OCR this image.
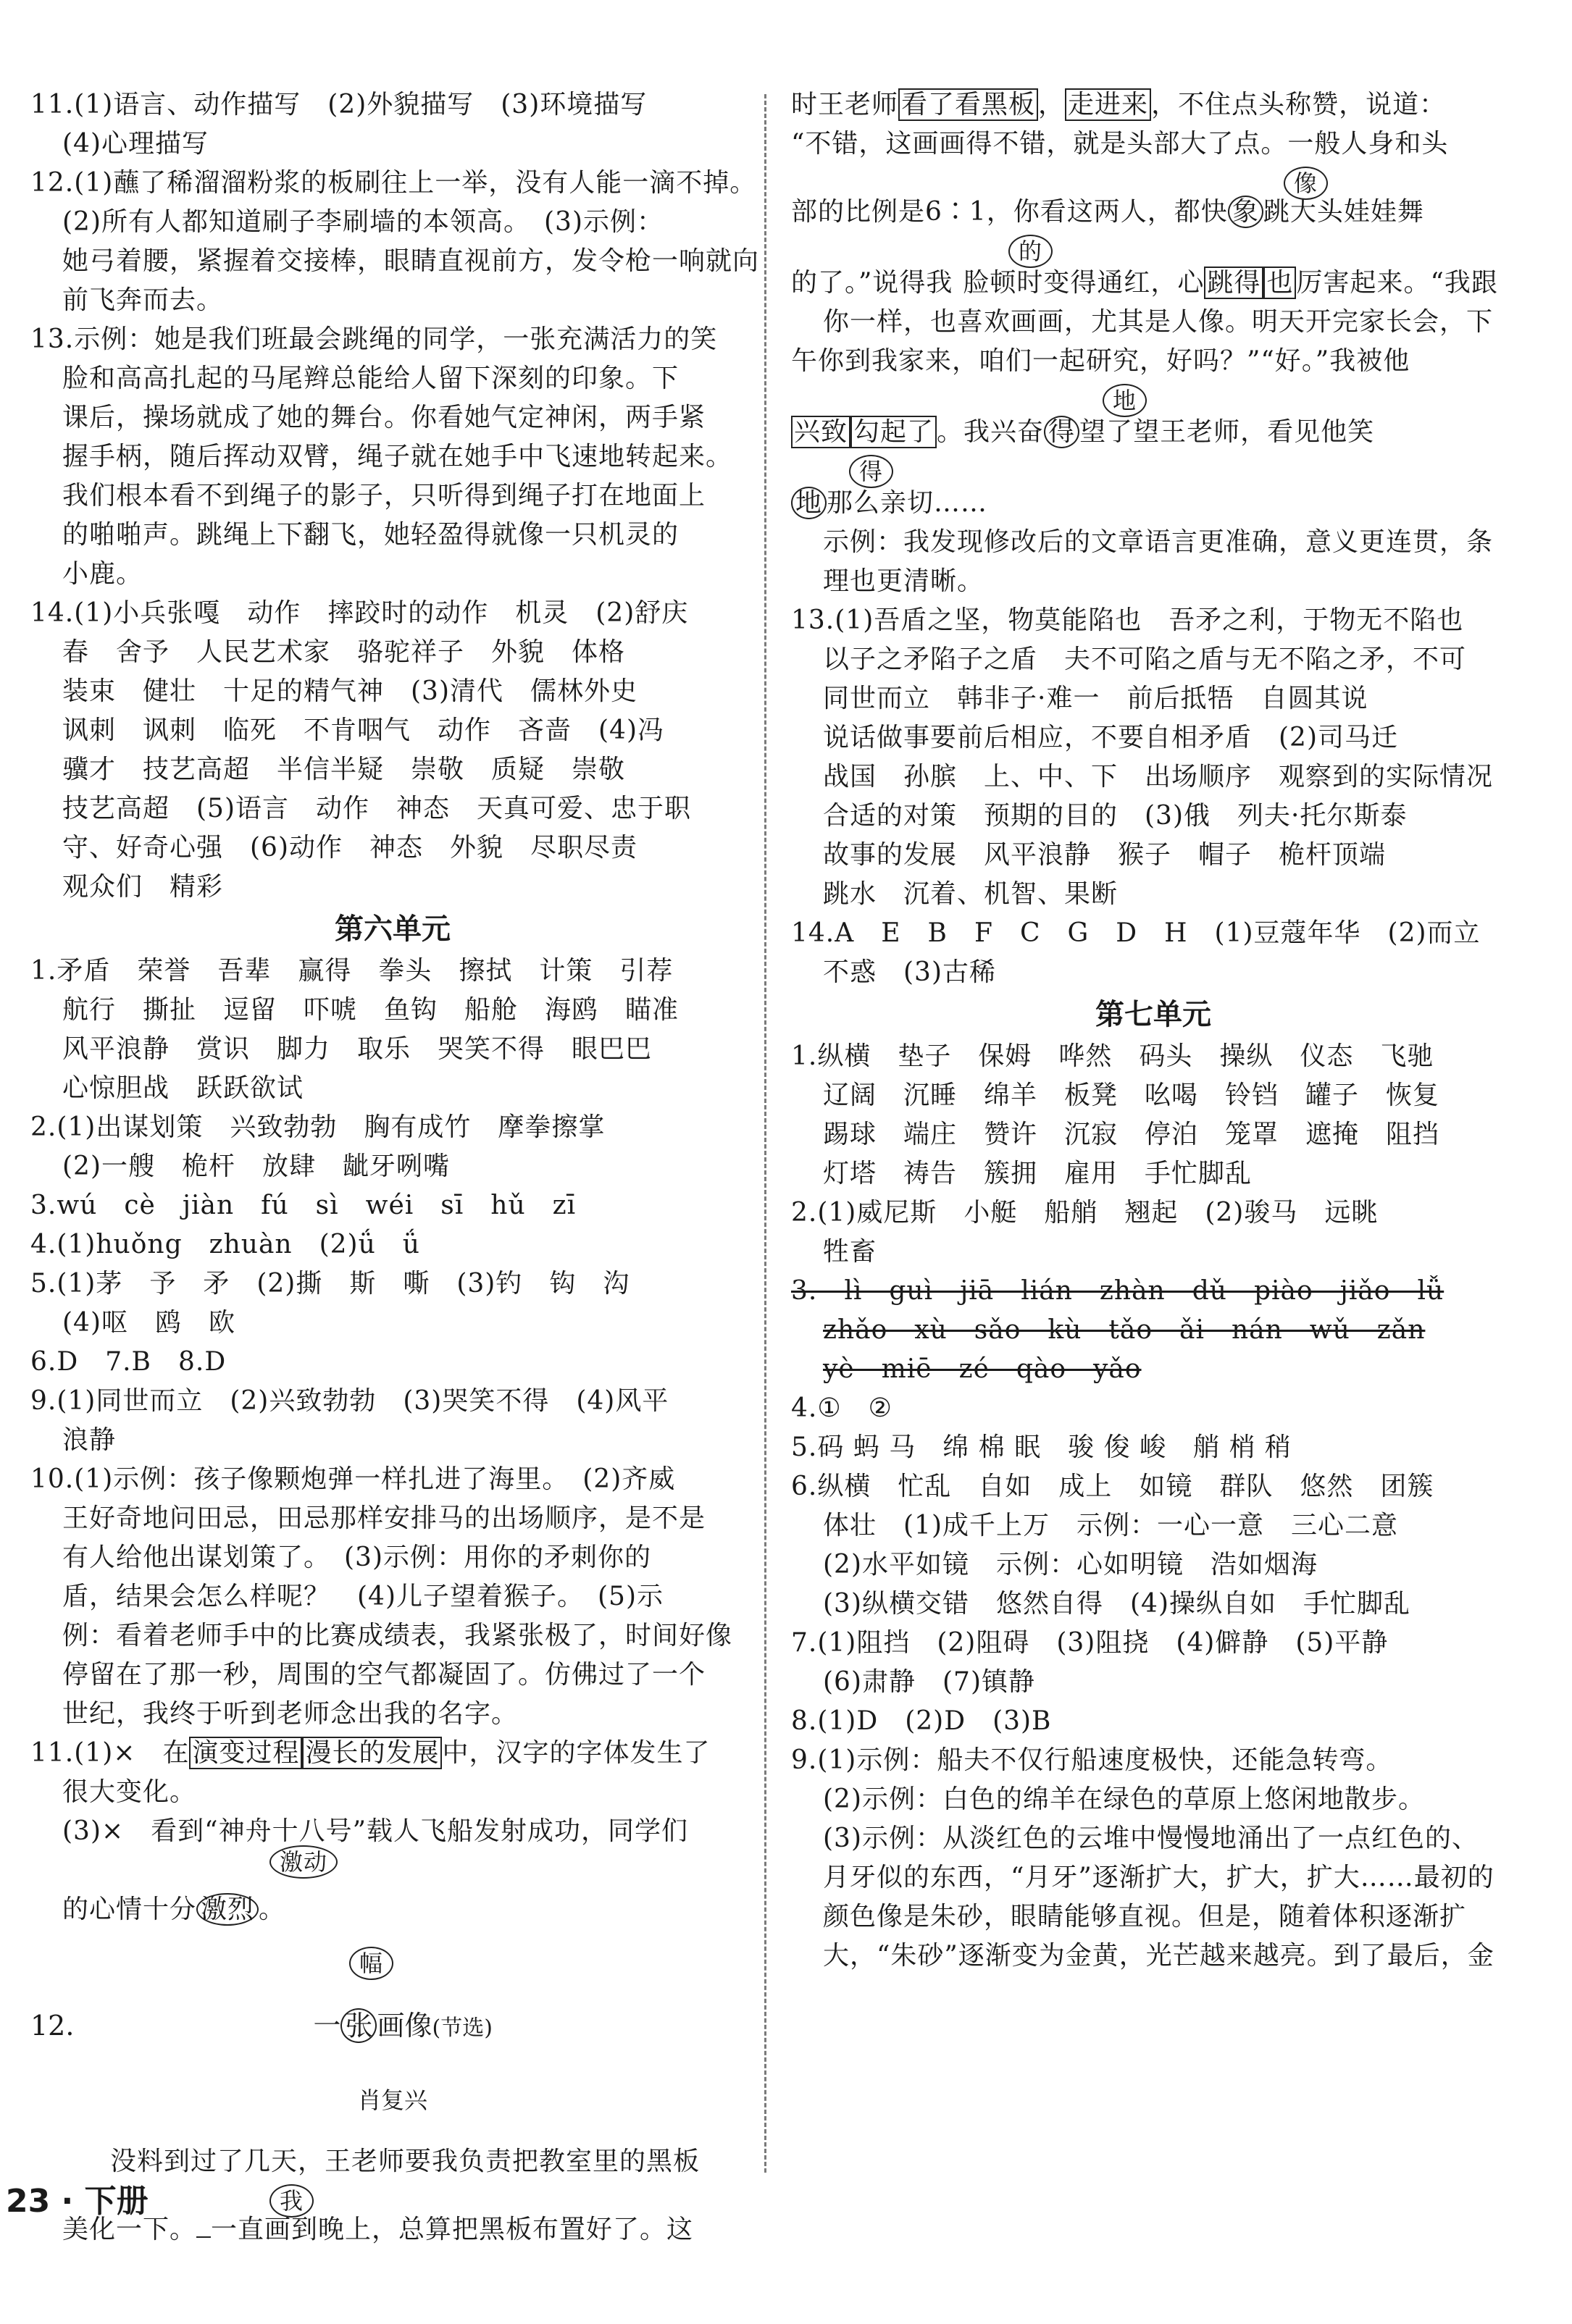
11.(1)语言、动作描写　(2)外貌描写　(3)环境描写

(4)心理描写

12.(1)蘸了稀溜溜粉浆的板刷往上一举，没有人能一滴不掉。

(2)所有人都知道刷子李刷墙的本领高。　(3)示例：

她弓着腰，紧握着交接棒，眼睛直视前方，发令枪一响就向

前飞奔而去。

13.示例：她是我们班最会跳绳的同学，一张充满活力的笑

脸和高高扎起的马尾辫总能给人留下深刻的印象。下

课后，操场就成了她的舞台。你看她气定神闲，两手紧

握手柄，随后挥动双臂，绳子就在她手中飞速地转起来。

我们根本看不到绳子的影子，只听得到绳子打在地面上

的啪啪声。跳绳上下翻飞，她轻盈得就像一只机灵的

小鹿。

14.(1)小兵张嘎　动作　摔跤时的动作　机灵　(2)舒庆

春　舍予　人民艺术家　骆驼祥子　外貌　体格

装束　健壮　十足的精气神　(3)清代　儒林外史

讽刺　讽刺　临死　不肯咽气　动作　吝啬　(4)冯

骥才　技艺高超　半信半疑　崇敬　质疑　崇敬

技艺高超　(5)语言　动作　神态　天真可爱、忠于职

守、好奇心强　(6)动作　神态　外貌　尽职尽责

观众们　精彩

第六单元

1.矛盾　荣誉　吾辈　赢得　拳头　擦拭　计策　引荐

航行　撕扯　逗留　吓唬　鱼钩　船舱　海鸥　瞄准

风平浪静　赏识　脚力　取乐　哭笑不得　眼巴巴

心惊胆战　跃跃欲试

2.(1)出谋划策　兴致勃勃　胸有成竹　摩拳擦掌

(2)一艘　桅杆　放肆　龇牙咧嘴

3.wú　cè　jiàn　fú　sì　wéi　sī　hǔ　zī

4.(1)huǒng　zhuàn　(2)ǘ　ǘ

5.(1)茅　予　矛　(2)撕　斯　嘶　(3)钓　钩　沟

(4)呕　鸥　欧

6.D　7.B　8.D

9.(1)同世而立　(2)兴致勃勃　(3)哭笑不得　(4)风平

浪静

10.(1)示例：孩子像颗炮弹一样扎进了海里。　(2)齐威

王好奇地问田忌，田忌那样安排马的出场顺序，是不是

有人给他出谋划策了。　(3)示例：用你的矛刺你的

盾，结果会怎么样呢？　(4)儿子望着猴子。　(5)示

例：看着老师手中的比赛成绩表，我紧张极了，时间好像

停留在了那一秒，周围的空气都凝固了。仿佛过了一个

世纪，我终于听到老师念出我的名字。

11.(1)×　在 演变过程 漫长的发展 中，汉字的字体发生了

很大变化。

(3)×　看到“神舟十八号”载人飞船发射成功，同学们

激动

的心情十分 激烈 。

幅

12.	一 张 画像(节选)

肖复兴

没料到过了几天，王老师要我负责把教室里的黑板

我

美化一下。 一直画到晚上，总算把黑板布置好了。这

时王老师 看了看黑板 ， 走进来 ，不住点头称赞，说道：

“不错，这画画得不错，就是头部大了点。一般人身和头

像

部的比例是6∶1，你看这两人，都快 象 跳大头娃娃舞

的

的了。”说得我 脸顿时变得通红，心 跳得 也 厉害起来。“我跟

你一样，也喜欢画画，尤其是人像。明天开完家长会，下

午你到我家来，咱们一起研究，好吗？”“好。”我被他

地

兴致 勾起了 。我兴奋 得 望了望王老师，看见他笑

得

地 那么亲切……

示例：我发现修改后的文章语言更准确，意义更连贯，条

理也更清晰。

13.(1)吾盾之坚，物莫能陷也　吾矛之利，于物无不陷也

以子之矛陷子之盾　夫不可陷之盾与无不陷之矛，不可

同世而立　韩非子·难一　前后抵牾　自圆其说

说话做事要前后相应，不要自相矛盾　(2)司马迁

战国　孙膑　上、中、下　出场顺序　观察到的实际情况

合适的对策　预期的目的　(3)俄　列夫·托尔斯泰

故事的发展　风平浪静　猴子　帽子　桅杆顶端

跳水　沉着、机智、果断

14.A　E　B　F　C　G　D　H　(1)豆蔻年华　(2)而立

不惑　(3)古稀

第七单元

1.纵横　垫子　保姆　哗然　码头　操纵　仪态　飞驰

辽阔　沉睡　绵羊　板凳　吆喝　铃铛　罐子　恢复

踢球　端庄　赞许　沉寂　停泊　笼罩　遮掩　阻挡

灯塔　祷告　簇拥　雇用　手忙脚乱

2.(1)威尼斯　小艇　船艄　翘起　(2)骏马　远眺

牲畜

3.　lì　guì　jiā　lián　zhàn　dǔ　piào　jiǎo　lǚ

zhǎo　xù　sǎo　kù　tǎo　ǎi　nán　wǔ　zǎn

yè　miē　zé　qào　yǎo

4.①　②

5.码 蚂 马　绵 棉 眠　骏 俊 峻　艄 梢 稍

6.纵横　忙乱　自如　成上　如镜　群队　悠然　团簇

体壮　(1)成千上万　示例：一心一意　三心二意

(2)水平如镜　示例：心如明镜　浩如烟海

(3)纵横交错　悠然自得　(4)操纵自如　手忙脚乱

7.(1)阻挡　(2)阻碍　(3)阻挠　(4)僻静　(5)平静

(6)肃静　(7)镇静

8.(1)D　(2)D　(3)B

9.(1)示例：船夫不仅行船速度极快，还能急转弯。

(2)示例：白色的绵羊在绿色的草原上悠闲地散步。

(3)示例：从淡红色的云堆中慢慢地涌出了一点红色的、

月牙似的东西，“月牙”逐渐扩大，扩大，扩大……最初的

颜色像是朱砂，眼睛能够直视。但是，随着体积逐渐扩

大，“朱砂”逐渐变为金黄，光芒越来越亮。到了最后，金

23 · 下册
